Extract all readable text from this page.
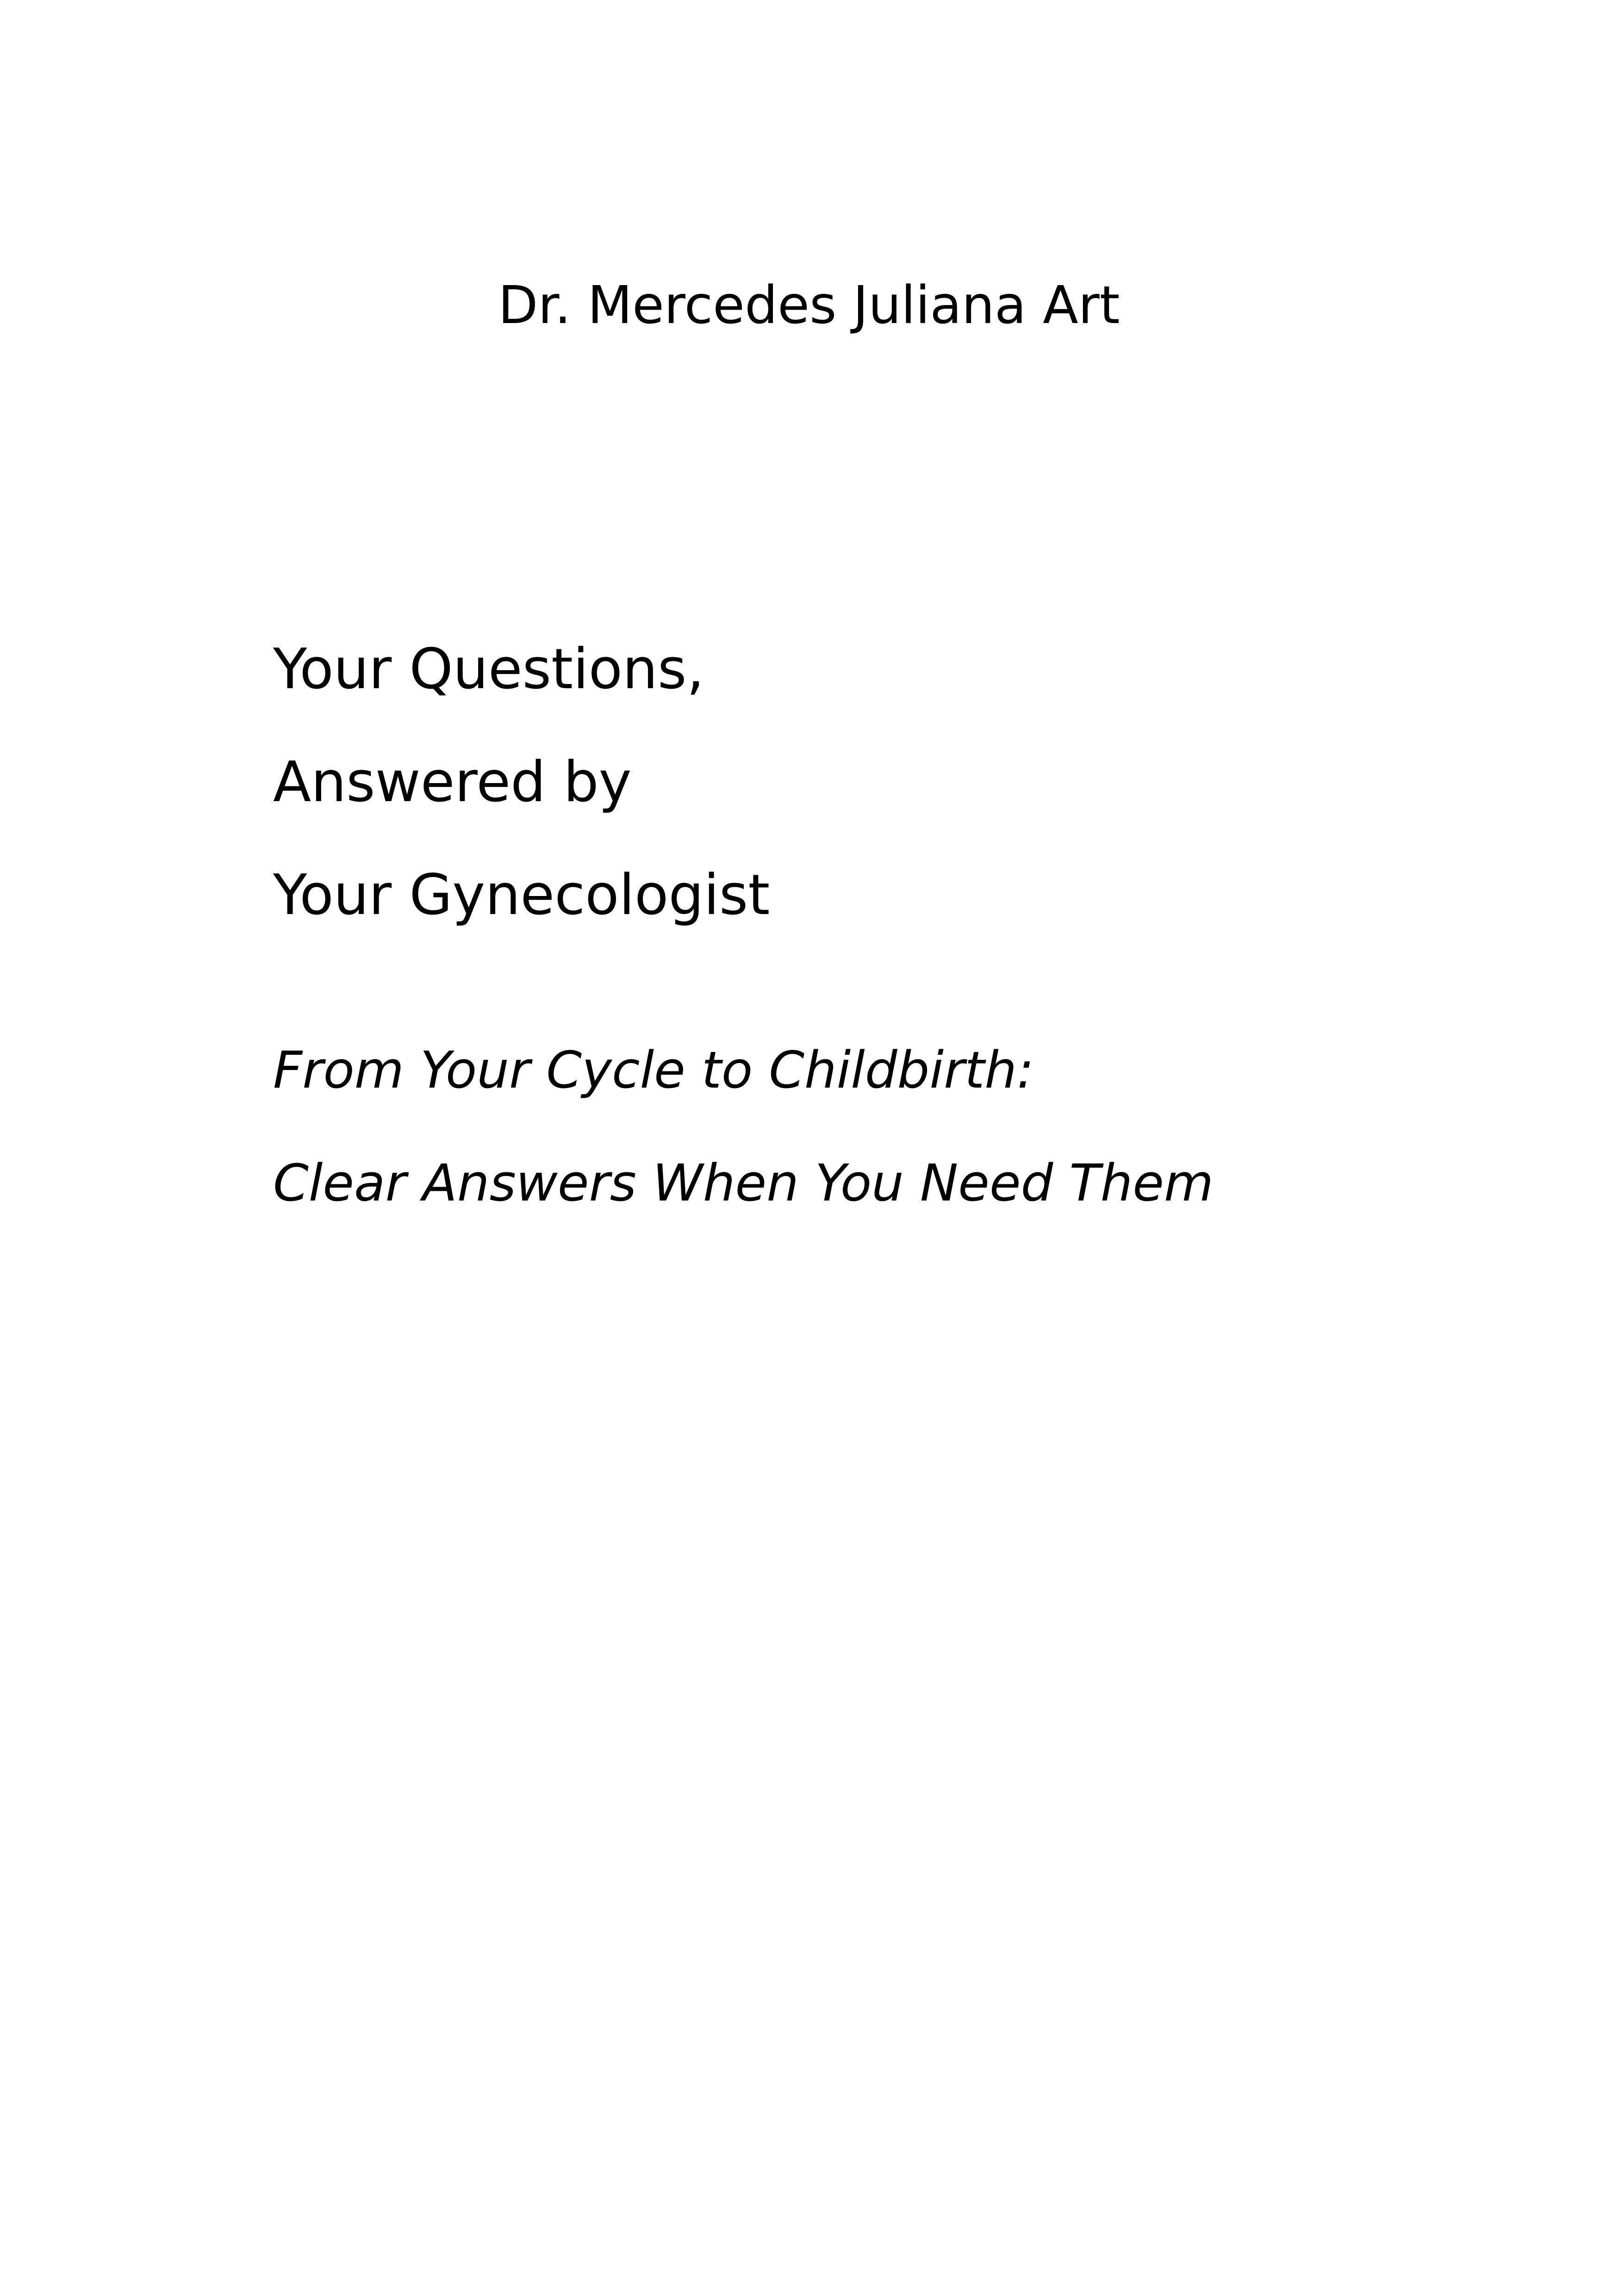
Dr. Mercedes Juliana Art
Your Questions,
Answered by
Your Gynecologist
From Your Cycle to Childbirth:
Clear Answers When You Need Them
